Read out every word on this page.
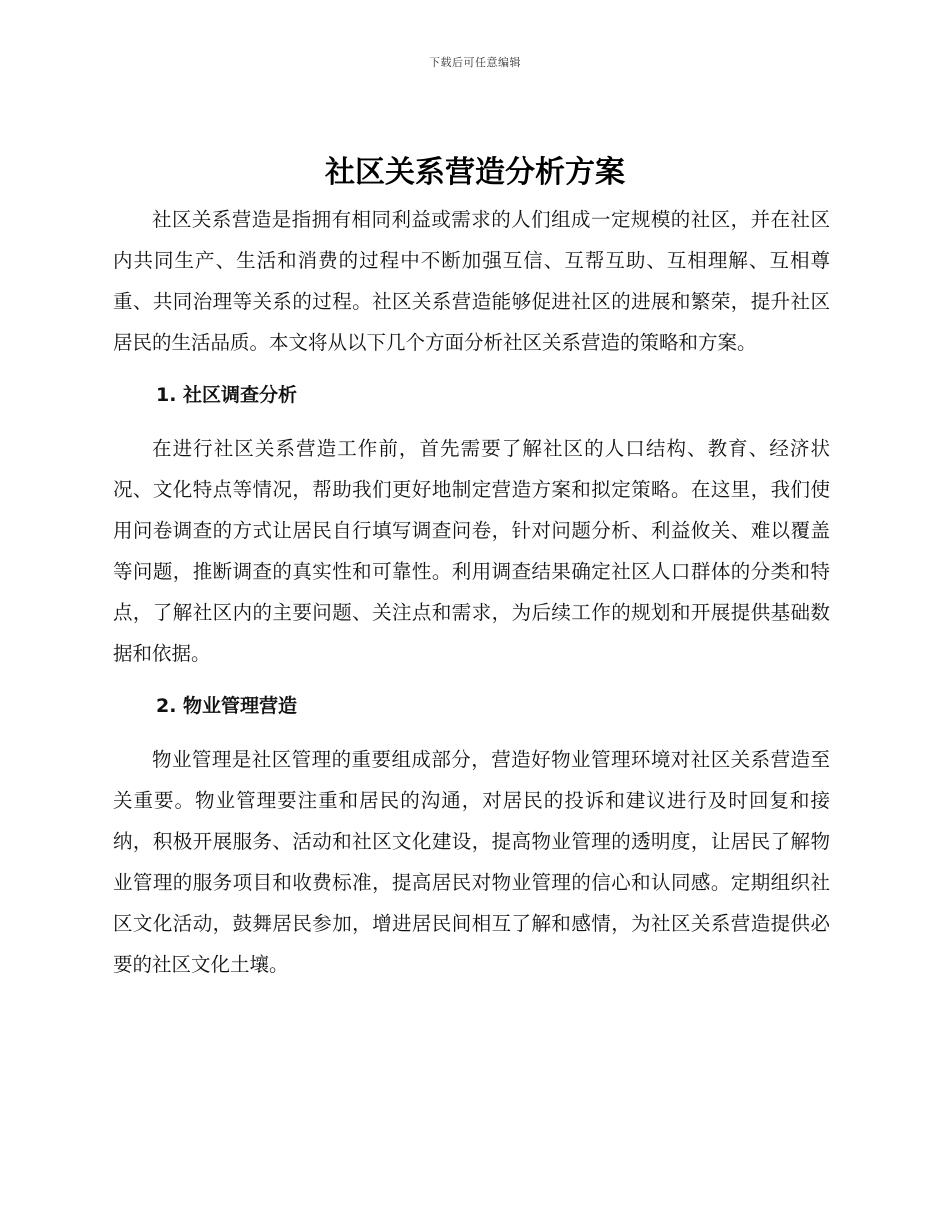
下载后可任意编辑
社区关系营造分析方案

社区关系营造是指拥有相同利益或需求的人们组成一定规模的社区，并在社区内共同生产、生活和消费的过程中不断加强互信、互帮互助、互相理解、互相尊重、共同治理等关系的过程。社区关系营造能够促进社区的进展和繁荣，提升社区居民的生活品质。本文将从以下几个方面分析社区关系营造的策略和方案。

1. 社区调查分析

在进行社区关系营造工作前，首先需要了解社区的人口结构、教育、经济状况、文化特点等情况，帮助我们更好地制定营造方案和拟定策略。在这里，我们使用问卷调查的方式让居民自行填写调查问卷，针对问题分析、利益攸关、难以覆盖等问题，推断调查的真实性和可靠性。利用调查结果确定社区人口群体的分类和特点，了解社区内的主要问题、关注点和需求，为后续工作的规划和开展提供基础数据和依据。

2. 物业管理营造

物业管理是社区管理的重要组成部分，营造好物业管理环境对社区关系营造至关重要。物业管理要注重和居民的沟通，对居民的投诉和建议进行及时回复和接纳，积极开展服务、活动和社区文化建设，提高物业管理的透明度，让居民了解物业管理的服务项目和收费标准，提高居民对物业管理的信心和认同感。定期组织社区文化活动，鼓舞居民参加，增进居民间相互了解和感情，为社区关系营造提供必要的社区文化土壤。
